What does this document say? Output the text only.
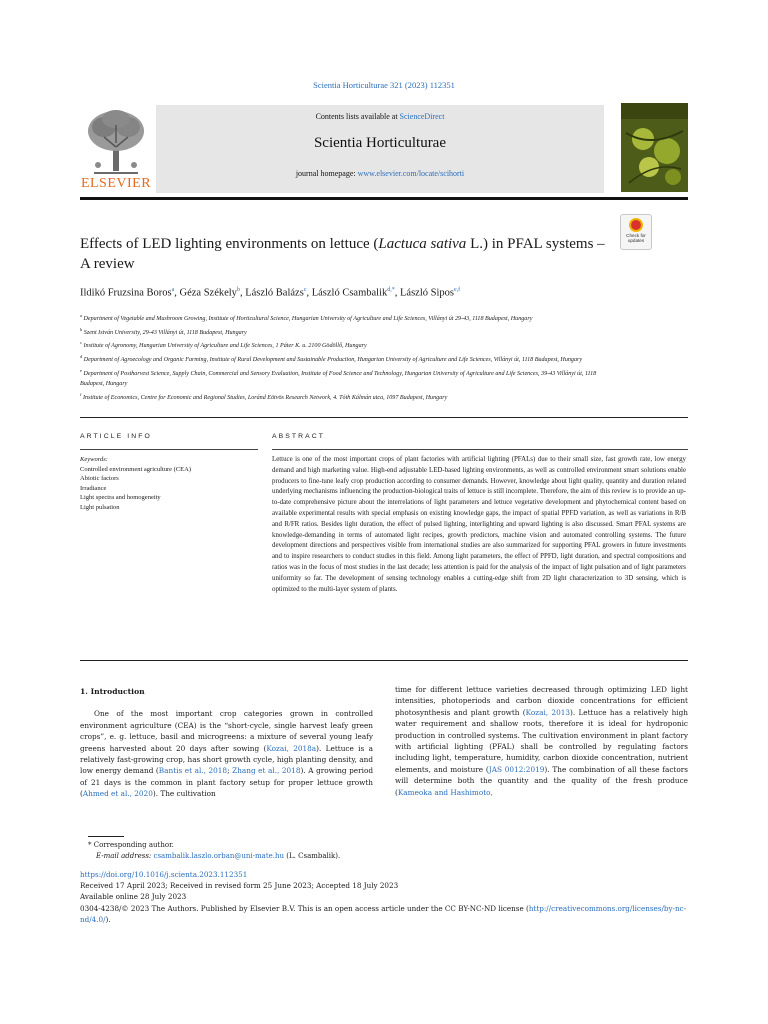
Scientia Horticulturae 321 (2023) 112351
ELSEVIER
Contents lists available at ScienceDirect
Scientia Horticulturae
journal homepage: www.elsevier.com/locate/scihorti
Check for updates
Effects of LED lighting environments on lettuce (Lactuca sativa L.) in PFAL systems – A review
Ildikó Fruzsina Boros$^a$, Géza Székely$^b$, László Balázs$^c$, László Csambalik$^{d,*}$, László Sipos$^{e,f}$
$^a$ Department of Vegetable and Mushroom Growing, Institute of Horticultural Science, Hungarian University of Agriculture and Life Sciences, Villányi út 29-43, 1118 Budapest, Hungary
$^b$ Szent István University, 29-43 Villányi út, 1118 Budapest, Hungary
$^c$ Institute of Agronomy, Hungarian University of Agriculture and Life Sciences, 1 Páter K. u. 2100 Gödöllő, Hungary
$^d$ Department of Agroecology and Organic Farming, Institute of Rural Development and Sustainable Production, Hungarian University of Agriculture and Life Sciences, Villányi út, 1118 Budapest, Hungary
$^e$ Department of Postharvest Science, Supply Chain, Commercial and Sensory Evaluation, Institute of Food Science and Technology, Hungarian University of Agriculture and Life Sciences, 39-43 Villányi út, 1118 Budapest, Hungary
$^f$ Institute of Economics, Centre for Economic and Regional Studies, Loránd Eötvös Research Network, 4. Tóth Kálmán utca, 1097 Budapest, Hungary
ARTICLE INFO	ABSTRACT
Keywords:
Controlled environment agriculture (CEA)
Abiotic factors
Irradiance
Light spectra and homogeneity
Light pulsation
Lettuce is one of the most important crops of plant factories with artificial lighting (PFALs) due to their small size, fast growth rate, low energy demand and high marketing value. High-end adjustable LED-based lighting environments, as well as controlled environment smart solutions enable producers to fine-tune leafy crop production according to consumer demands. However, knowledge about light quality, quantity and duration related underlying mechanisms influencing the production-biological traits of lettuce is still incomplete. Therefore, the aim of this review is to provide an up-to-date comprehensive picture about the interrelations of light parameters and lettuce vegetative development and phytochemical content based on available experimental results with special emphasis on existing knowledge gaps, the impact of spatial PPFD variation, as well as variations in R/B and R/FR ratios. Besides light duration, the effect of pulsed lighting, interlighting and upward lighting is also discussed. Smart PFAL systems are knowledge-demanding in terms of automated light recipes, growth predictors, machine vision and automated controlling systems. The future development directions and perspectives visible from international studies are also summarized for supporting PFAL growers in future investments and to inspire researchers to conduct studies in this field. Among light parameters, the effect of PPFD, light duration, and spectral compositions and ratios was in the focus of most studies in the last decade; less attention is paid for the analysis of the impact of light pulsation and of light parameters uniformity so far. The development of sensing technology enables a cutting-edge shift from 2D light characterization to 3D sensing, which is optimized to the multi-layer system of plants.
1. Introduction

One of the most important crop categories grown in controlled environment agriculture (CEA) is the “short-cycle, single harvest leafy green crops”, e. g. lettuce, basil and microgreens: a mixture of several young leafy greens harvested about 20 days after sowing (Kozai, 2018a). Lettuce is a relatively fast-growing crop, has short growth cycle, high planting density, and low energy demand (Bantis et al., 2018; Zhang et al., 2018). A growing period of 21 days is the common in plant factory setup for proper lettuce growth (Ahmed et al., 2020). The cultivation

time for different lettuce varieties decreased through optimizing LED light intensities, photoperiods and carbon dioxide concentrations for efficient photosynthesis and plant growth (Kozai, 2013). Lettuce has a relatively high water requirement and shallow roots, therefore it is ideal for hydroponic production in controlled systems. The cultivation environment in plant factory with artificial lighting (PFAL) shall be controlled by regulating factors including light, temperature, humidity, carbon dioxide concentration, nutrient elements, and moisture (JAS 0012:2019). The combination of all these factors will determine both the quantity and the quality of the fresh produce (Kameoka and Hashimoto,

* Corresponding author.
E-mail address: csambalik.laszlo.orban@uni-mate.hu (L. Csambalik).
https://doi.org/10.1016/j.scienta.2023.112351
Received 17 April 2023; Received in revised form 25 June 2023; Accepted 18 July 2023
Available online 28 July 2023
0304-4238/© 2023 The Authors. Published by Elsevier B.V. This is an open access article under the CC BY-NC-ND license (http://creativecommons.org/licenses/by-nc-nd/4.0/).
